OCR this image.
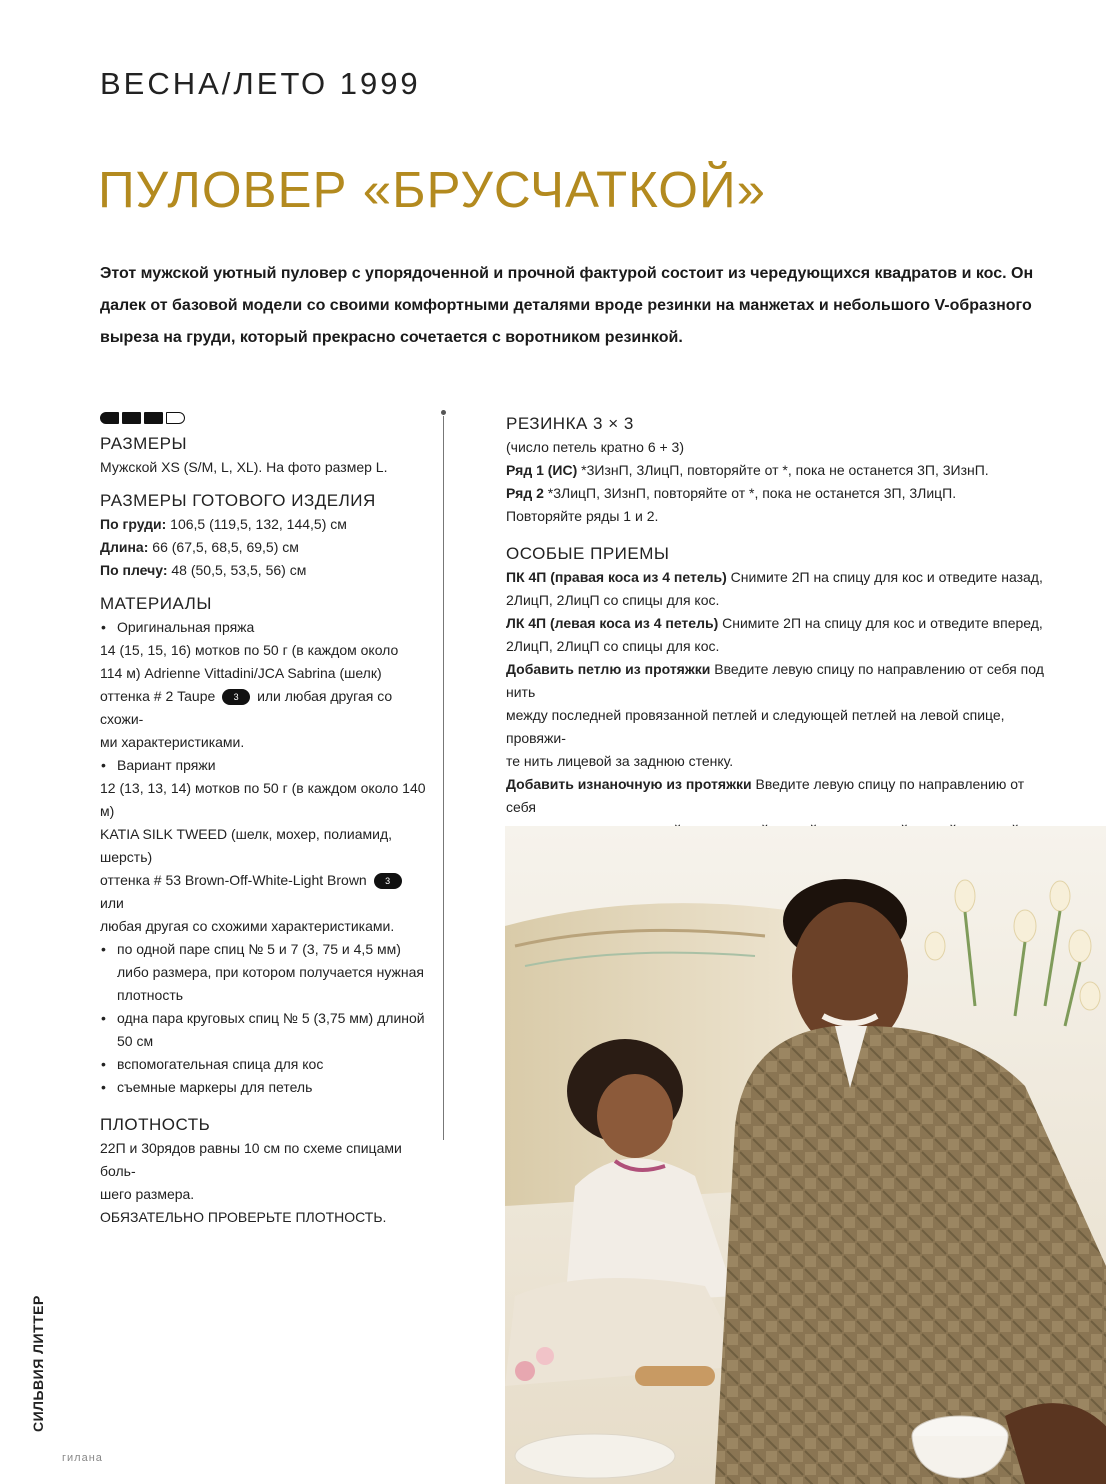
ВЕСНА/ЛЕТО 1999
ПУЛОВЕР «БРУСЧАТКОЙ»
Этот мужской уютный пуловер с упорядоченной и прочной фактурой состоит из чередующихся квадратов и кос. Он далек от базовой модели со своими комфортными деталями вроде резинки на манжетах и небольшого V-образного выреза на груди, который прекрасно сочетается с воротником резинкой.
РАЗМЕРЫ
Мужской XS (S/M, L, XL). На фото размер L.
РАЗМЕРЫ ГОТОВОГО ИЗДЕЛИЯ
По груди: 106,5 (119,5, 132, 144,5) см
Длина: 66 (67,5, 68,5, 69,5) см
По плечу: 48 (50,5, 53,5, 56) см
МАТЕРИАЛЫ
• Оригинальная пряжа
14 (15, 15, 16) мотков по 50 г (в каждом около
114 м) Adrienne Vittadini/JCA Sabrina (шелк)
оттенка # 2 Taupe 3 или любая другая со схожи-
ми характеристиками.
• Вариант пряжи
12 (13, 13, 14) мотков по 50 г (в каждом около 140 м)
KATIA SILK TWEED (шелк, мохер, полиамид, шерсть)
оттенка # 53 Brown-Off-White-Light Brown 3 или
любая другая со схожими характеристиками.
• по одной паре спиц № 5 и 7 (3, 75 и 4,5 мм)
либо размера, при котором получается нужная
плотность
• одна пара круговых спиц № 5 (3,75 мм) длиной
50 см
• вспомогательная спица для кос
• съемные маркеры для петель
ПЛОТНОСТЬ
22П и 30рядов равны 10 см по схеме спицами боль-
шего размера.
ОБЯЗАТЕЛЬНО ПРОВЕРЬТЕ ПЛОТНОСТЬ.
РЕЗИНКА 3 × 3
(число петель кратно 6 + 3)
Ряд 1 (ИС) *3ИзнП, 3ЛицП, повторяйте от *, пока не останется 3П, 3ИзнП.
Ряд 2 *3ЛицП, 3ИзнП, повторяйте от *, пока не останется 3П, 3ЛицП.
Повторяйте ряды 1 и 2.
ОСОБЫЕ ПРИЕМЫ
ПК 4П (правая коса из 4 петель) Снимите 2П на спицу для кос и отведите назад,
2ЛицП, 2ЛицП со спицы для кос.
ЛК 4П (левая коса из 4 петель) Снимите 2П на спицу для кос и отведите вперед,
2ЛицП, 2ЛицП со спицы для кос.
Добавить петлю из протяжки Введите левую спицу по направлению от себя под нить
между последней провязанной петлей и следующей петлей на левой спице, провяжи-
те нить лицевой за заднюю стенку.
Добавить изнаночную из протяжки Введите левую спицу по направлению от себя
СИЛЬВИЯ ЛИТТЕР
гилана
